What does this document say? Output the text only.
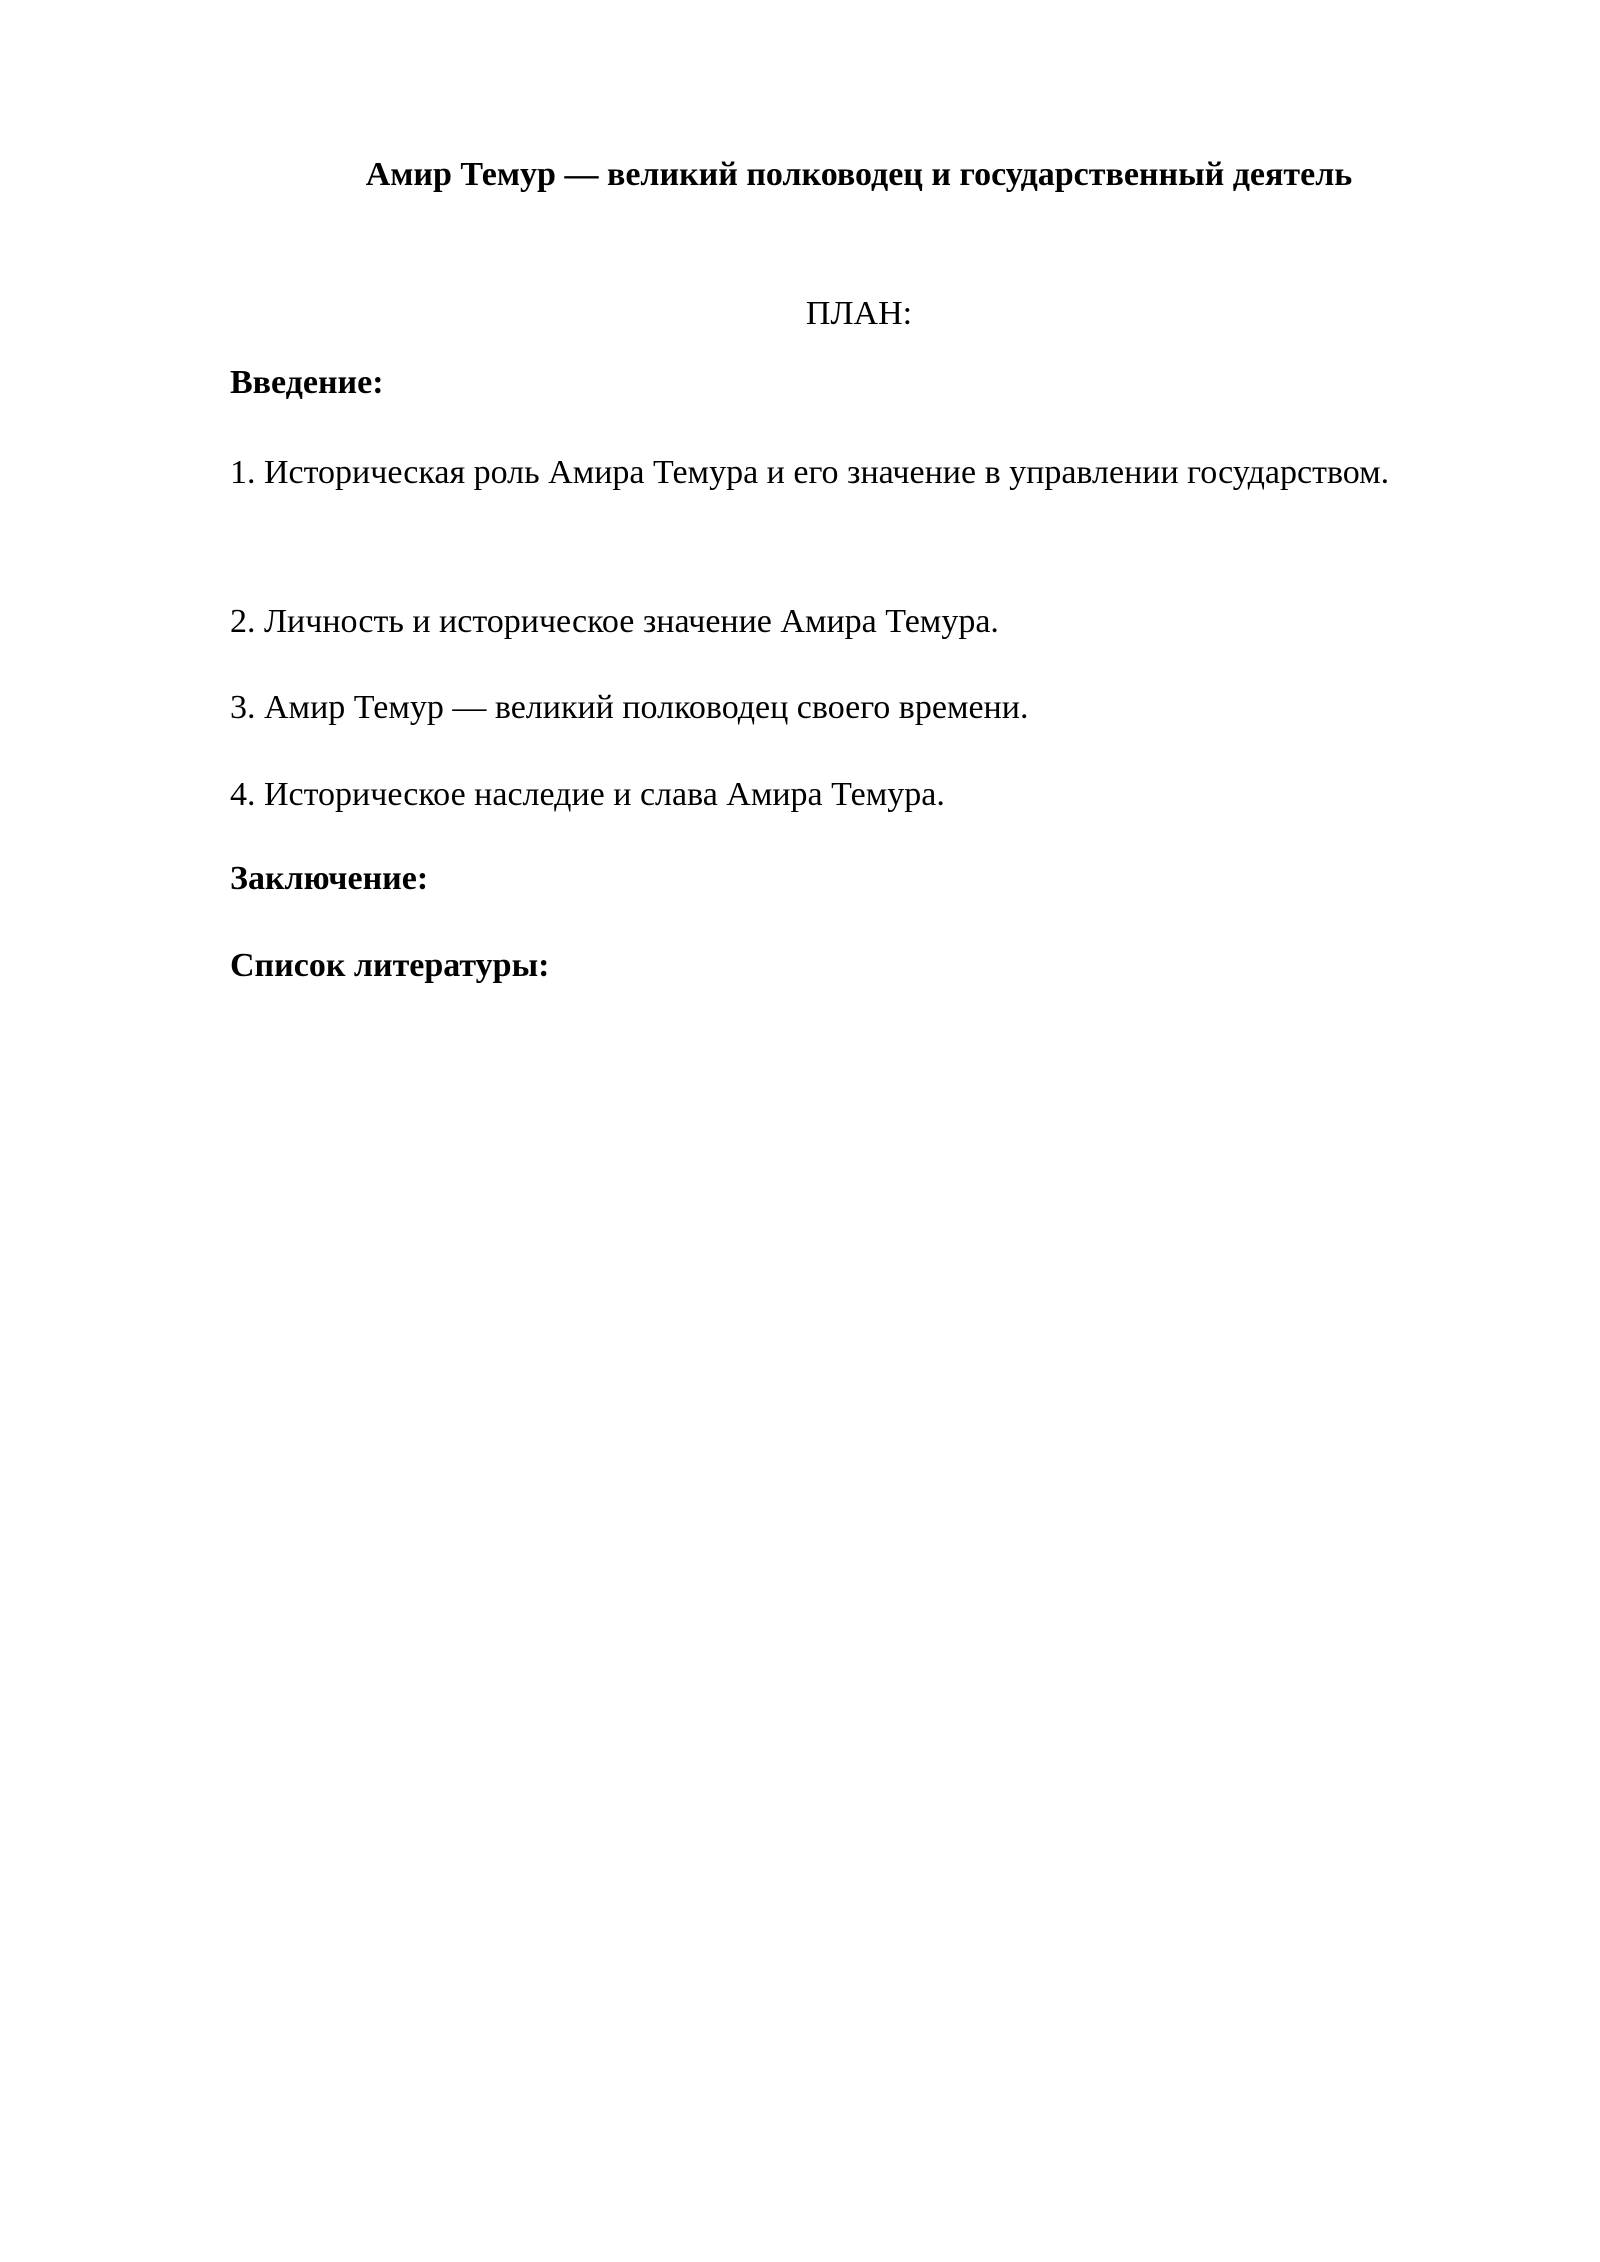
Амир Темур — великий полководец и государственный деятель

ПЛАН:

Введение:

1. Историческая роль Амира Темура и его значение в управлении государством.

2. Личность и историческое значение Амира Темура.

3. Амир Темур — великий полководец своего времени.

4. Историческое наследие и слава Амира Темура.

Заключение:

Список литературы:
